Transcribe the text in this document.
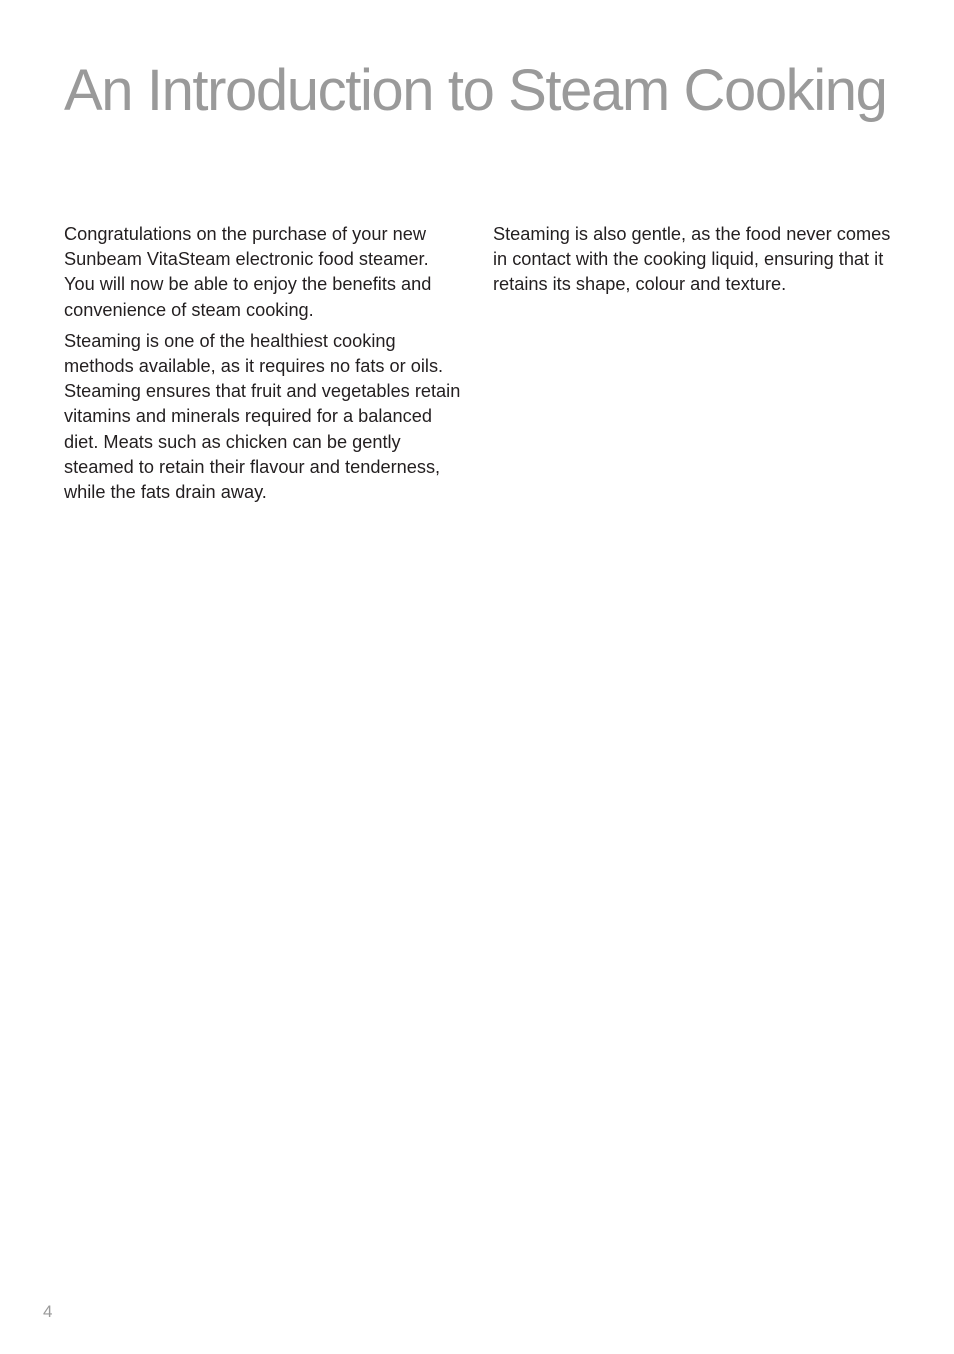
An Introduction to Steam Cooking

Congratulations on the purchase of your new Sunbeam VitaSteam electronic food steamer. You will now be able to enjoy the benefits and convenience of steam cooking.

Steaming is one of the healthiest cooking methods available, as it requires no fats or oils. Steaming ensures that fruit and vegetables retain vitamins and minerals required for a balanced diet. Meats such as chicken can be gently steamed to retain their flavour and tenderness, while the fats drain away.

Steaming is also gentle, as the food never comes in contact with the cooking liquid, ensuring that it retains its shape, colour and texture.

4
